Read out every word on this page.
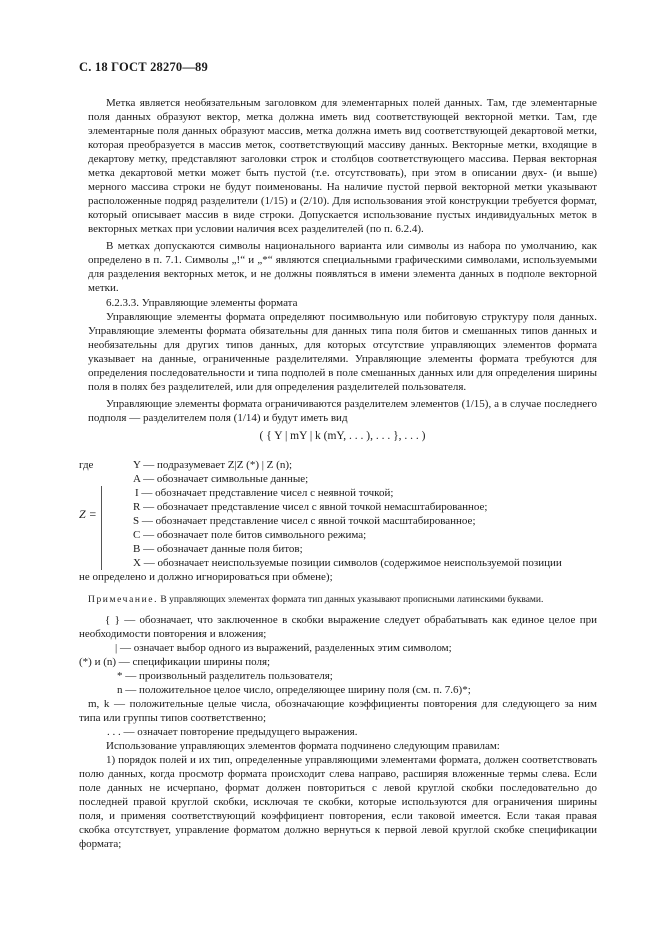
С. 18 ГОСТ 28270—89

Метка является необязательным заголовком для элементарных полей данных. Там, где элементарные поля данных образуют вектор, метка должна иметь вид соответствующей векторной метки. Там, где элементарные поля данных образуют массив, метка должна иметь вид соответствующей декартовой метки, которая преобразуется в массив меток, соответствующий массиву данных. Векторные метки, входящие в декартову метку, представляют заголовки строк и столбцов соответствующего массива. Первая векторная метка декартовой метки может быть пустой (т.е. отсутствовать), при этом в описании двух- (и выше) мерного массива строки не будут поименованы. На наличие пустой первой векторной метки указывают расположенные подряд разделители (1/15) и (2/10). Для использования этой конструкции требуется формат, который описывает массив в виде строки. Допускается использование пустых индивидуальных меток в векторных метках при условии наличия всех разделителей (по п. 6.2.4).

В метках допускаются символы национального варианта или символы из набора по умолчанию, как определено в п. 7.1. Символы „!“ и „*“ являются специальными графическими символами, используемыми для разделения векторных меток, и не должны появляться в имени элемента данных в подполе векторной метки.

6.2.3.3. Управляющие элементы формата

Управляющие элементы формата определяют посимвольную или побитовую структуру поля данных. Управляющие элементы формата обязательны для данных типа поля битов и смешанных типов данных и необязательны для других типов данных, для которых отсутствие управляющих элементов формата указывает на данные, ограниченные разделителями. Управляющие элементы формата требуются для определения последовательности и типа подполей в поле смешанных данных или для определения ширины поля в полях без разделителей, или для определения разделителей пользователя.

Управляющие элементы формата ограничиваются разделителем элементов (1/15), а в случае последнего подполя — разделителем поля (1/14) и будут иметь вид

( { Y | mY | k (mY, . . . ), . . . }, . . . )
где
Z =

Y — подразумевает Z|Z (*) | Z (n);

A — обозначает символьные данные;

I — обозначает представление чисел с неявной точкой;

R — обозначает представление чисел с явной точкой немасштабированное;

S — обозначает представление чисел с явной точкой масштабированное;

C — обозначает поле битов символьного режима;

B — обозначает данные поля битов;

X — обозначает неиспользуемые позиции символов (содержимое неиспользуемой позиции

не определено и должно игнорироваться при обмене);

Примечание. В управляющих элементах формата тип данных указывают прописными латинскими буквами.

{ } — обозначает, что заключенное в скобки выражение следует обрабатывать как единое целое при необходимости повторения и вложения;

| — означает выбор одного из выражений, разделенных этим символом;

(*) и (n) — спецификации ширины поля;

* — произвольный разделитель пользователя;

n — положительное целое число, определяющее ширину поля (см. п. 7.6)*;

m, k — положительные целые числа, обозначающие коэффициенты повторения для следующего за ним типа или группы типов соответственно;

. . . — означает повторение предыдущего выражения.

Использование управляющих элементов формата подчинено следующим правилам:

1) порядок полей и их тип, определенные управляющими элементами формата, должен соответствовать полю данных, когда просмотр формата происходит слева направо, расширяя вложенные термы слева. Если поле данных не исчерпано, формат должен повториться с левой круглой скобки последовательно до последней правой круглой скобки, исключая те скобки, которые используются для ограничения ширины поля, и применяя соответствующий коэффициент повторения, если таковой имеется. Если такая правая скобка отсутствует, управление форматом должно вернуться к первой левой круглой скобке спецификации формата;
